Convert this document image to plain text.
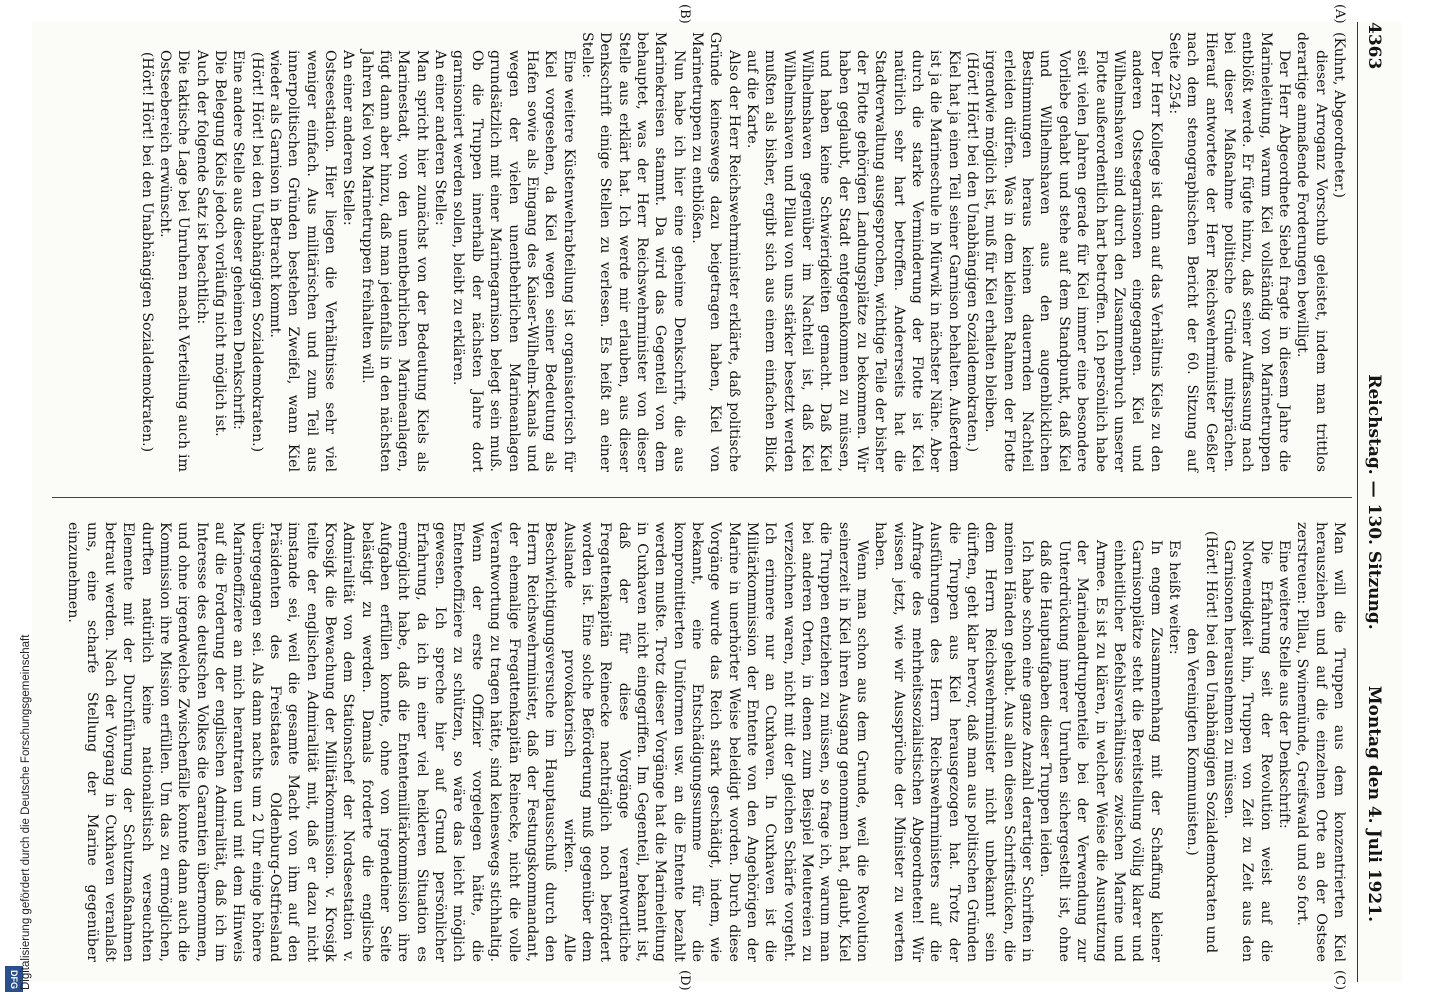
4363
Reichstag. — 130. Sitzung.
Montag den 4. Juli 1921.
(A)
(B)

(Kuhnt, Abgeordneter.)

dieser Arroganz Vorschub geleistet, indem man trittlos derartige anmaßende Forderungen bewilligt.

Der Herr Abgeordnete Siebel fragte in diesem Jahre die Marineleitung, warum Kiel vollständig von Marinetruppen entblößt werde. Er fügte hinzu, daß seiner Auffassung nach bei dieser Maßnahme politische Gründe mitsprächen. Hierauf antwortete der Herr Reichswehrminister Geßler nach dem stenographischen Bericht der 60. Sitzung auf Seite 2254:

Der Herr Kollege ist dann auf das Verhältnis Kiels zu den anderen Ostseegarnisonen eingegangen. Kiel und Wilhelmshaven sind durch den Zusammenbruch unserer Flotte außerordentlich hart betroffen. Ich persönlich habe seit vielen Jahren gerade für Kiel immer eine besondere Vorliebe gehabt und stehe auf dem Standpunkt, daß Kiel und Wilhelmshaven aus den augenblicklichen Bestimmungen heraus keinen dauernden Nachteil erleiden dürfen. Was in dem kleinen Rahmen der Flotte irgendwie möglich ist, muß für Kiel erhalten bleiben.

(Hört! Hört! bei den Unabhängigen Sozialdemokraten.)

Kiel hat ja einen Teil seiner Garnison behalten. Außerdem ist ja die Marineschule in Mürwik in nächster Nähe. Aber durch die starke Verminderung der Flotte ist Kiel natürlich sehr hart betroffen. Andererseits hat die Stadtverwaltung ausgesprochen, wichtige Teile der bisher der Flotte gehörigen Landungsplätze zu bekommen. Wir haben geglaubt, der Stadt entgegenkommen zu müssen, und haben keine Schwierigkeiten gemacht. Daß Kiel Wilhelmshaven gegenüber im Nachteil ist, daß Kiel Wilhelmshaven und Pillau von uns stärker besetzt werden mußten als bisher, ergibt sich aus einem einfachen Blick auf die Karte.

Also der Herr Reichswehrminister erklärte, daß politische Gründe keineswegs dazu beigetragen haben, Kiel von Marinetruppen zu entblößen.

Nun habe ich hier eine geheime Denkschrift, die aus Marinekreisen stammt. Da wird das Gegenteil von dem behauptet, was der Herr Reichswehrminister von dieser Stelle aus erklärt hat. Ich werde mir erlauben, aus dieser Denkschrift einige Stellen zu verlesen. Es heißt an einer Stelle:

Eine weitere Küstenwehrabteilung ist organisatorisch für Kiel vorgesehen, da Kiel wegen seiner Bedeutung als Hafen sowie als Eingang des Kaiser-Wilhelm-Kanals und wegen der vielen unentbehrlichen Marineanlagen grundsätzlich mit einer Marinegarnison belegt sein muß. Ob die Truppen innerhalb der nächsten Jahre dort garnisoniert werden sollen, bleibt zu erklären.

An einer anderen Stelle:

Man spricht hier zunächst von der Bedeutung Kiels als Marinestadt, von den unentbehrlichen Marineanlagen, fügt dann aber hinzu, daß man jedenfalls in den nächsten Jahren Kiel von Marinetruppen freihalten will.

An einer anderen Stelle:

Ostseestation. Hier liegen die Verhältnisse sehr viel weniger einfach. Aus militärischen und zum Teil aus innerpolitischen Gründen bestehen Zweifel, wann Kiel wieder als Garnison in Betracht kommt.

(Hört! Hört! bei den Unabhängigen Sozialdemokraten.)

Eine andere Stelle aus dieser geheimen Denkschrift:

Die Belegung Kiels jedoch vorläufig nicht möglich ist.

Auch der folgende Satz ist beachtlich:

Die taktische Lage bei Unruhen macht Verteilung auch im Ostseebereich erwünscht.

(Hört! Hört! bei den Unabhängigen Sozialdemokraten.)

(C)
(D)

Man will die Truppen aus dem konzentrierten Kiel herausziehen und auf die einzelnen Orte an der Ostsee zerstreuen: Pillau, Swinemünde, Greifswald und so fort.

Eine weitere Stelle aus der Denkschrift:

Die Erfahrung seit der Revolution weist auf die Notwendigkeit hin, Truppen von Zeit zu Zeit aus den Garnisonen herausnehmen zu müssen.

(Hört! Hört! bei den Unabhängigen Sozialdemokraten und den Vereinigten Kommunisten.)

Es heißt weiter:

In engem Zusammenhang mit der Schaffung kleiner Garnisonplätze steht die Bereitstellung völlig klarer und einheitlicher Befehlsverhältnisse zwischen Marine und Armee. Es ist zu klären, in welcher Weise die Ausnutzung der Marinelandtruppenteile bei der Verwendung zur Unterdrückung innerer Unruhen sichergestellt ist, ohne daß die Hauptaufgaben dieser Truppen leiden.

Ich habe schon eine ganze Anzahl derartiger Schriften in meinen Händen gehabt. Aus allen diesen Schriftstücken, die dem Herrn Reichswehrminister nicht unbekannt sein dürften, geht klar hervor, daß man aus politischen Gründen die Truppen aus Kiel herausgezogen hat. Trotz der Ausführungen des Herrn Reichswehrministers auf die Anfrage des mehrheitssozialistischen Abgeordneten! Wir wissen jetzt, wie wir Aussprüche der Minister zu werten haben.

Wenn man schon aus dem Grunde, weil die Revolution seinerzeit in Kiel ihren Ausgang genommen hat, glaubt, Kiel die Truppen entziehen zu müssen, so frage ich, warum man bei anderen Orten, in denen zum Beispiel Meutereien zu verzeichnen waren, nicht mit der gleichen Schärfe vorgeht. Ich erinnere nur an Cuxhaven. In Cuxhaven ist die Militärkommission der Entente von den Angehörigen der Marine in unerhörter Weise beleidigt worden. Durch diese Vorgänge wurde das Reich stark geschädigt, indem, wie bekannt, eine Entschädigungssumme für die kompromittierten Uniformen usw. an die Entente bezahlt werden mußte. Trotz dieser Vorgänge hat die Marineleitung in Cuxhaven nicht eingegriffen. Im Gegenteil, bekannt ist, daß der für diese Vorgänge verantwortliche Fregattenkapitän Reinecke nachträglich noch befördert worden ist. Eine solche Beförderung muß gegenüber dem Auslande provokatorisch wirken. Alle Beschwichtigungsversuche im Hauptausschuß durch den Herrn Reichswehrminister, daß der Festungskommandant, der ehemalige Fregattenkapitän Reinecke, nicht die volle Verantwortung zu tragen hätte, sind keineswegs stichhaltig. Wenn der erste Offizier vorgelegen hätte, die Ententeoffiziere zu schützen, so wäre das leicht möglich gewesen. Ich spreche hier auf Grund persönlicher Erfahrung, da ich in einer viel heikleren Situation es ermöglicht habe, daß die Ententemilitärkommission ihre Aufgaben erfüllen konnte, ohne von irgendeiner Seite belästigt zu werden. Damals forderte die englische Admiralität von dem Stationschef der Nordseestation v. Krosigk die Bewachung der Militärkommission. v. Krosigk teilte der englischen Admiralität mit, daß er dazu nicht imstande sei, weil die gesamte Macht von ihm auf den Präsidenten des Freistaates Oldenburg-Ostfriesland übergegangen sei. Als dann nachts um 2 Uhr einige höhere Marineoffiziere an mich herantraten und mit dem Hinweis auf die Forderung der englischen Admiralität, daß ich im Interesse des deutschen Volkes die Garantien übernommen, und ohne irgendwelche Zwischenfälle konnte dann auch die Kommission ihre Mission erfüllen. Um das zu ermöglichen, durften natürlich keine nationalistisch verseuchten Elemente mit der Durchführung der Schutzmaßnahmen betraut werden. Nach der Vorgang in Cuxhaven veranlaßt uns, eine scharfe Stellung der Marine gegenüber einzunehmen.

DFG Digitalisierung gefördert durch die Deutsche Forschungsgemeinschaft
